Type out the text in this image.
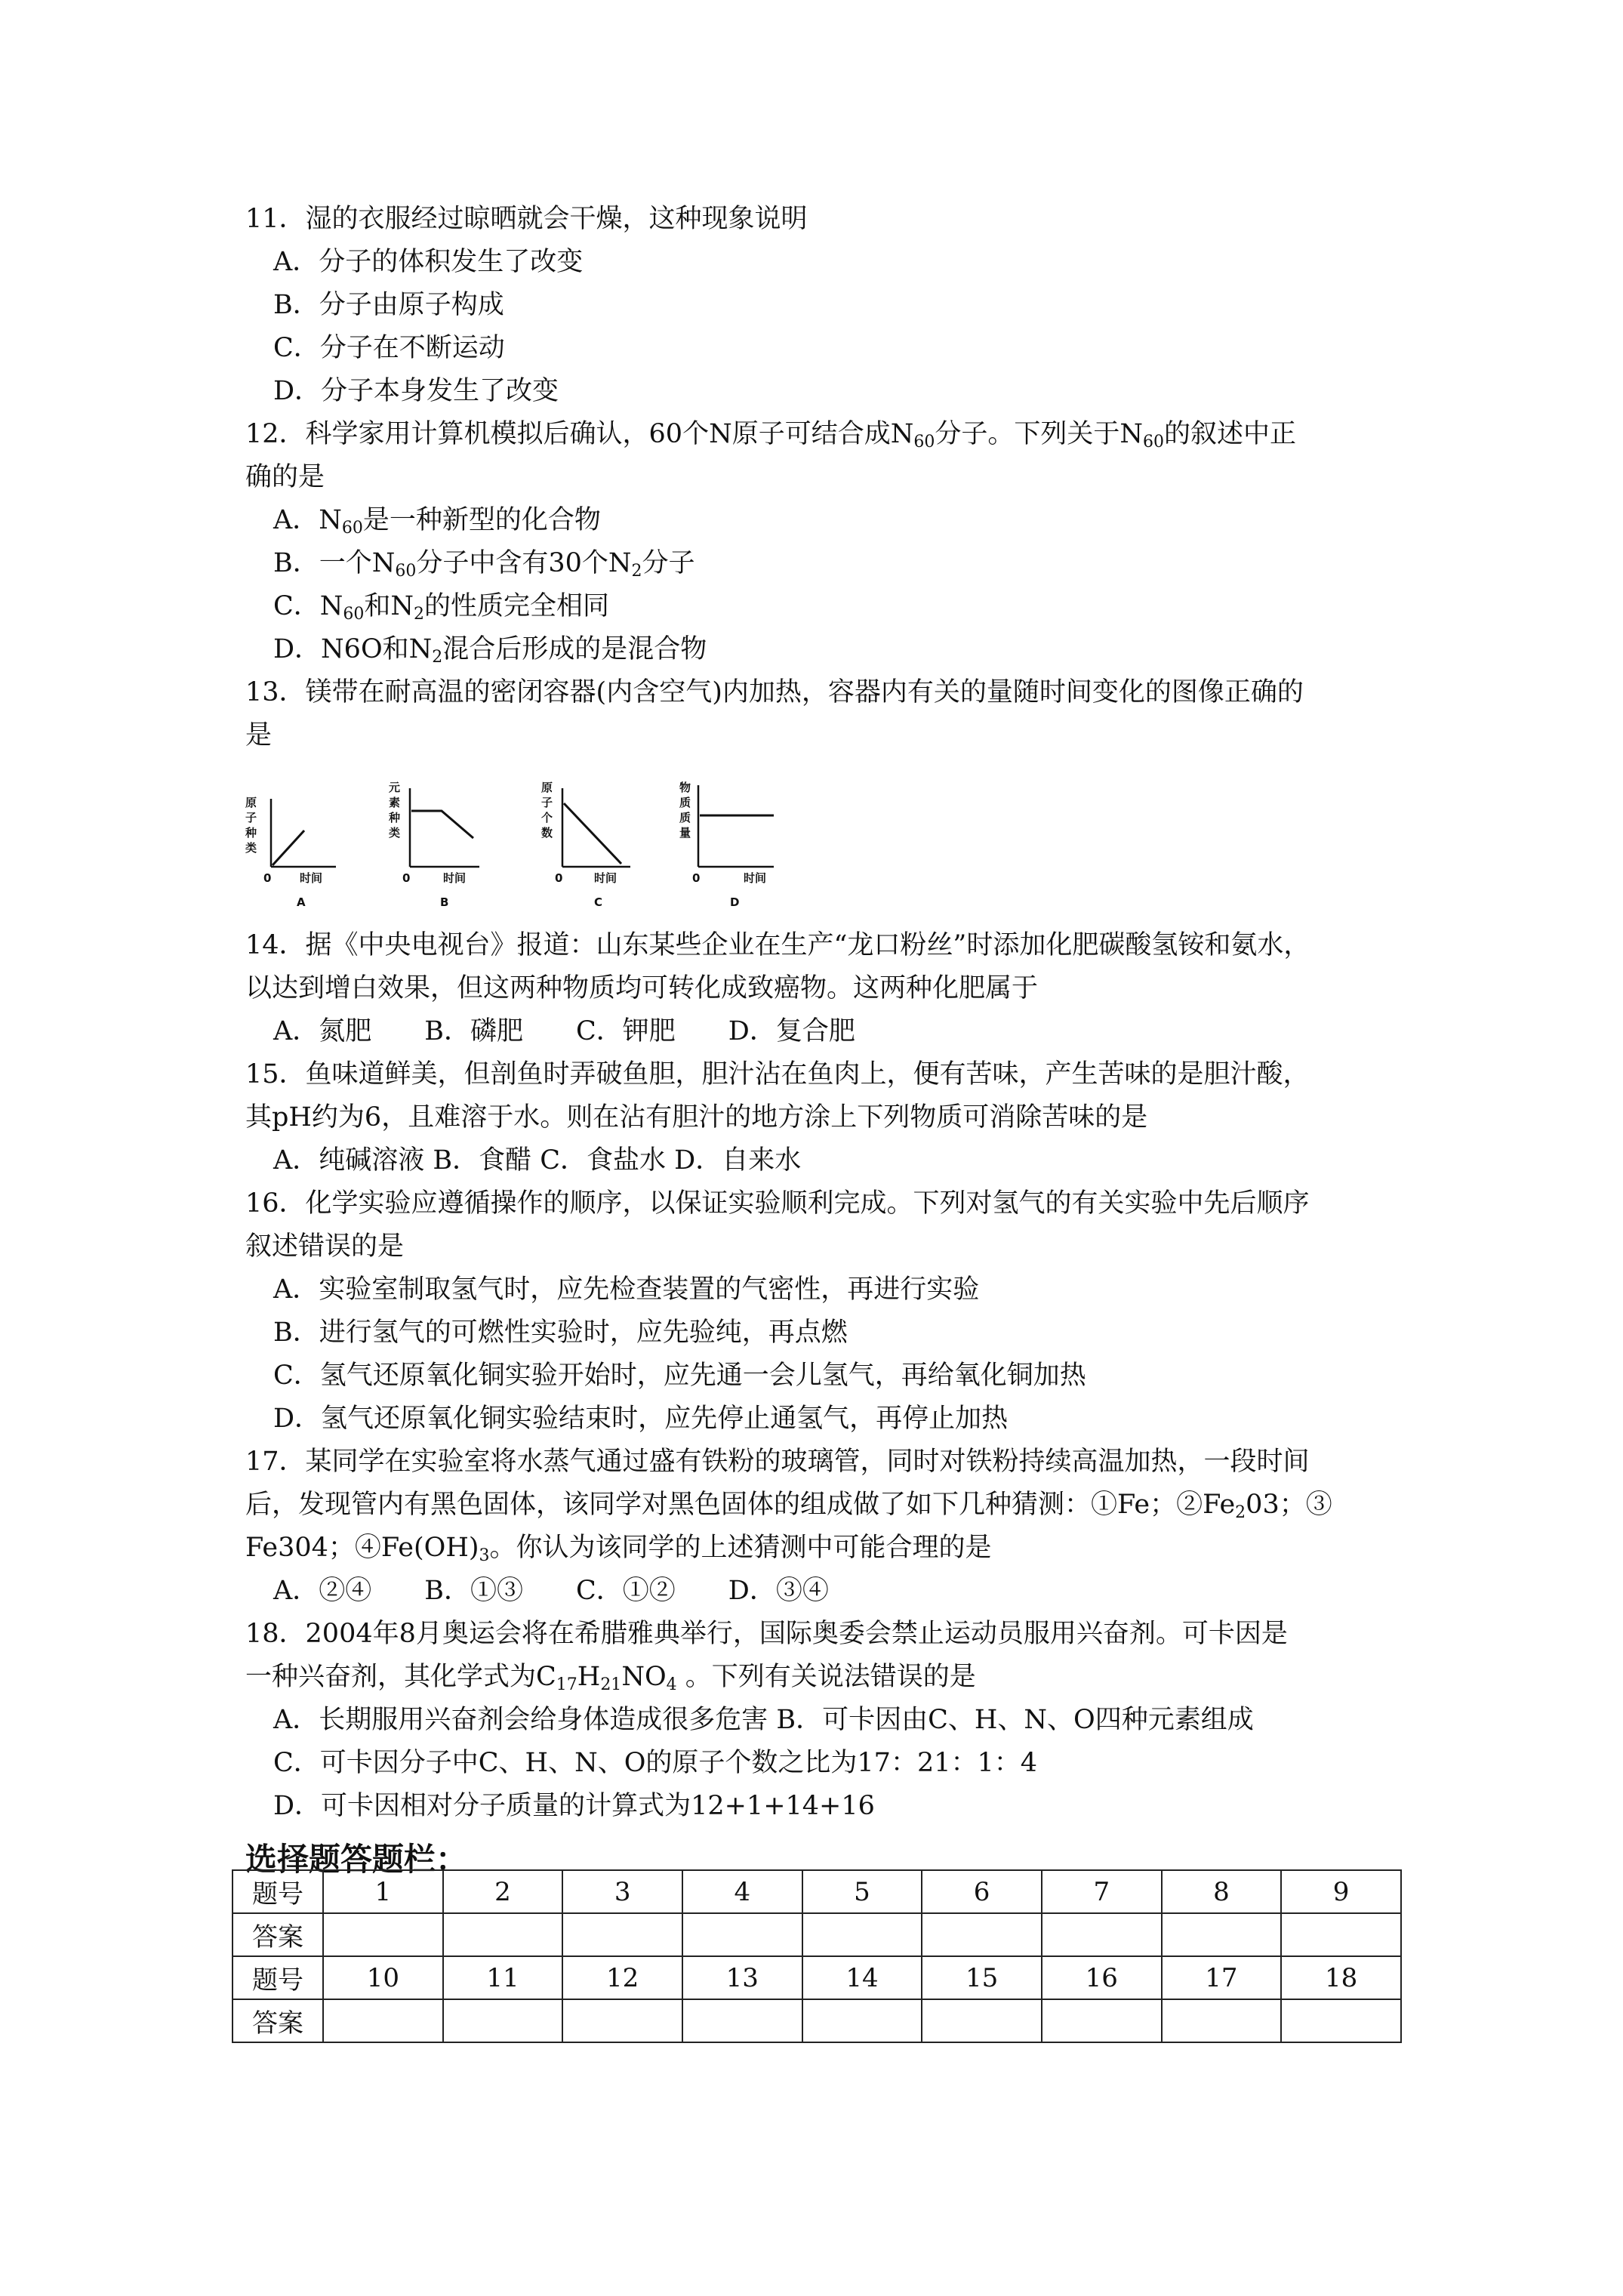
11．湿的衣服经过晾晒就会干燥，这种现象说明
A．分子的体积发生了改变
B．分子由原子构成
C．分子在不断运动
D．分子本身发生了改变
12．科学家用计算机模拟后确认，60个N原子可结合成$N_{60}$分子。下列关于$N_{60}$的叙述中正
确的是
A．$N_{60}$是一种新型的化合物
B．一个$N_{60}$分子中含有30个$N_2$分子
C．$N_{60}$和$N_2$的性质完全相同
D．N6O和$N_2$混合后形成的是混合物
13．镁带在耐高温的密闭容器(内含空气)内加热，容器内有关的量随时间变化的图像正确的
是
原
子
种
类
0	时间
A
元
素
种
类
0	时间
B
原
子
个
数
0	时间
C
物
质
质
量
0	时间
D
14．据《中央电视台》报道：山东某些企业在生产“龙口粉丝”时添加化肥碳酸氢铵和氨水，
以达到增白效果，但这两种物质均可转化成致癌物。这两种化肥属于
A．氮肥　　B．磷肥　　C．钾肥　　D．复合肥
15．鱼味道鲜美，但剖鱼时弄破鱼胆，胆汁沾在鱼肉上，便有苦味，产生苦味的是胆汁酸，
其pH约为6，且难溶于水。则在沾有胆汁的地方涂上下列物质可消除苦味的是
A．纯碱溶液 B．食醋 C．食盐水 D．自来水
16．化学实验应遵循操作的顺序，以保证实验顺利完成。下列对氢气的有关实验中先后顺序
叙述错误的是
A．实验室制取氢气时，应先检查装置的气密性，再进行实验
B．进行氢气的可燃性实验时，应先验纯，再点燃
C．氢气还原氧化铜实验开始时，应先通一会儿氢气，再给氧化铜加热
D．氢气还原氧化铜实验结束时，应先停止通氢气，再停止加热
17．某同学在实验室将水蒸气通过盛有铁粉的玻璃管，同时对铁粉持续高温加热，一段时间
后，发现管内有黑色固体，该同学对黑色固体的组成做了如下几种猜测：①Fe；$②Fe_203$；③
Fe304；$④Fe(OH)_3$。你认为该同学的上述猜测中可能合理的是
A．②④　　B．①③　　C．①②　　D．③④
18．2004年8月奥运会将在希腊雅典举行，国际奥委会禁止运动员服用兴奋剂。可卡因是
一种兴奋剂，其化学式为$C_{17}H_{21}NO_4$ 。下列有关说法错误的是
A．长期服用兴奋剂会给身体造成很多危害 B．可卡因由C、H、N、O四种元素组成
C．可卡因分子中C、H、N、O的原子个数之比为17：21：1：4
D．可卡因相对分子质量的计算式为12+1+14+16
选择题答题栏：
题号	1	2	3	4	5	6	7	8	9
答案									
题号	10	11	12	13	14	15	16	17	18
答案									
